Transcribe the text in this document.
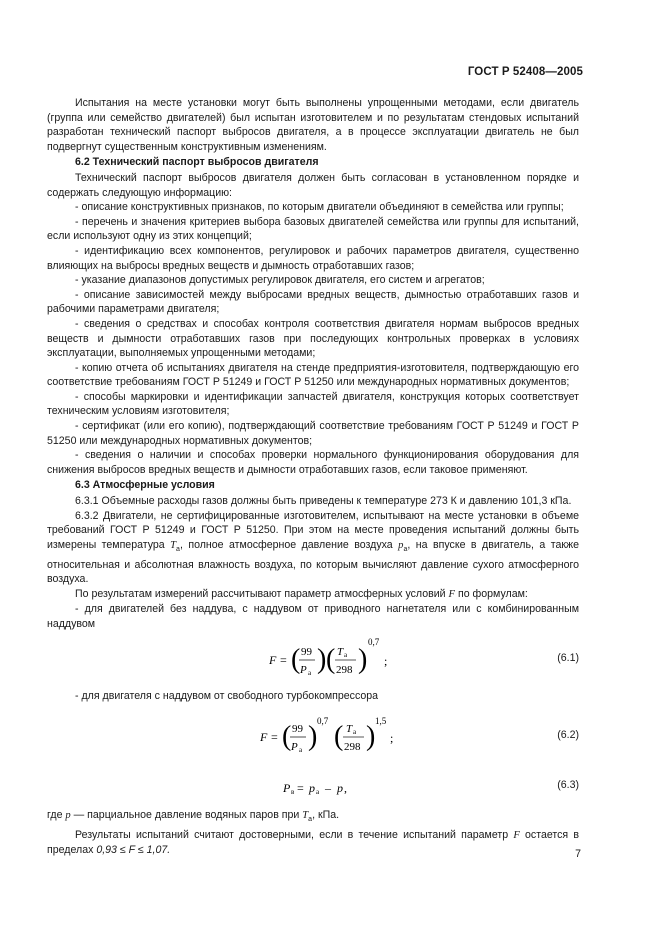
ГОСТ Р 52408—2005

Испытания на месте установки могут быть выполнены упрощенными методами, если двигатель (группа или семейство двигателей) был испытан изготовителем и по результатам стендовых испытаний разработан технический паспорт выбросов двигателя, а в процессе эксплуатации двигатель не был подвергнут существенным конструктивным изменениям.

6.2 Технический паспорт выбросов двигателя

Технический паспорт выбросов двигателя должен быть согласован в установленном порядке и содержать следующую информацию:

- описание конструктивных признаков, по которым двигатели объединяют в семейства или группы;

- перечень и значения критериев выбора базовых двигателей семейства или группы для испытаний, если используют одну из этих концепций;

- идентификацию всех компонентов, регулировок и рабочих параметров двигателя, существенно влияющих на выбросы вредных веществ и дымность отработавших газов;

- указание диапазонов допустимых регулировок двигателя, его систем и агрегатов;

- описание зависимостей между выбросами вредных веществ, дымностью отработавших газов и рабочими параметрами двигателя;

- сведения о средствах и способах контроля соответствия двигателя нормам выбросов вредных веществ и дымности отработавших газов при последующих контрольных проверках в условиях эксплуатации, выполняемых упрощенными методами;

- копию отчета об испытаниях двигателя на стенде предприятия-изготовителя, подтверждающую его соответствие требованиям ГОСТ Р 51249 и ГОСТ Р 51250 или международных нормативных документов;

- способы маркировки и идентификации запчастей двигателя, конструкция которых соответствует техническим условиям изготовителя;

- сертификат (или его копию), подтверждающий соответствие требованиям ГОСТ Р 51249 и ГОСТ Р 51250 или международных нормативных документов;

- сведения о наличии и способах проверки нормального функционирования оборудования для снижения выбросов вредных веществ и дымности отработавших газов, если таковое применяют.

6.3 Атмосферные условия

6.3.1 Объемные расходы газов должны быть приведены к температуре 273 К и давлению 101,3 кПа.

6.3.2 Двигатели, не сертифицированные изготовителем, испытывают на месте установки в объеме требований ГОСТ Р 51249 и ГОСТ Р 51250. При этом на месте проведения испытаний должны быть измерены температура $T_a$, полное атмосферное давление воздуха $p_a$, на впуске в двигатель, а также относительная и абсолютная влажность воздуха, по которым вычисляют давление сухого атмосферного воздуха.

По результатам измерений рассчитывают параметр атмосферных условий F по формулам:

- для двигателей без наддува, с наддувом от приводного нагнетателя или с комбинированным наддувом

F = ( 99
P a ) ( T a
298 )
0,7
;	(6.1)

- для двигателя с наддувом от свободного турбокомпрессора

F = ( 99
P a ) 0,7 ( T a
298 ) 1,5
;	(6.2)
P в = p a – p ,	(6.3)

где p — парциальное давление водяных паров при $T_a$, кПа.

Результаты испытаний считают достоверными, если в течение испытаний параметр F остается в пределах 0,93 ≤ F ≤ 1,07.	7
